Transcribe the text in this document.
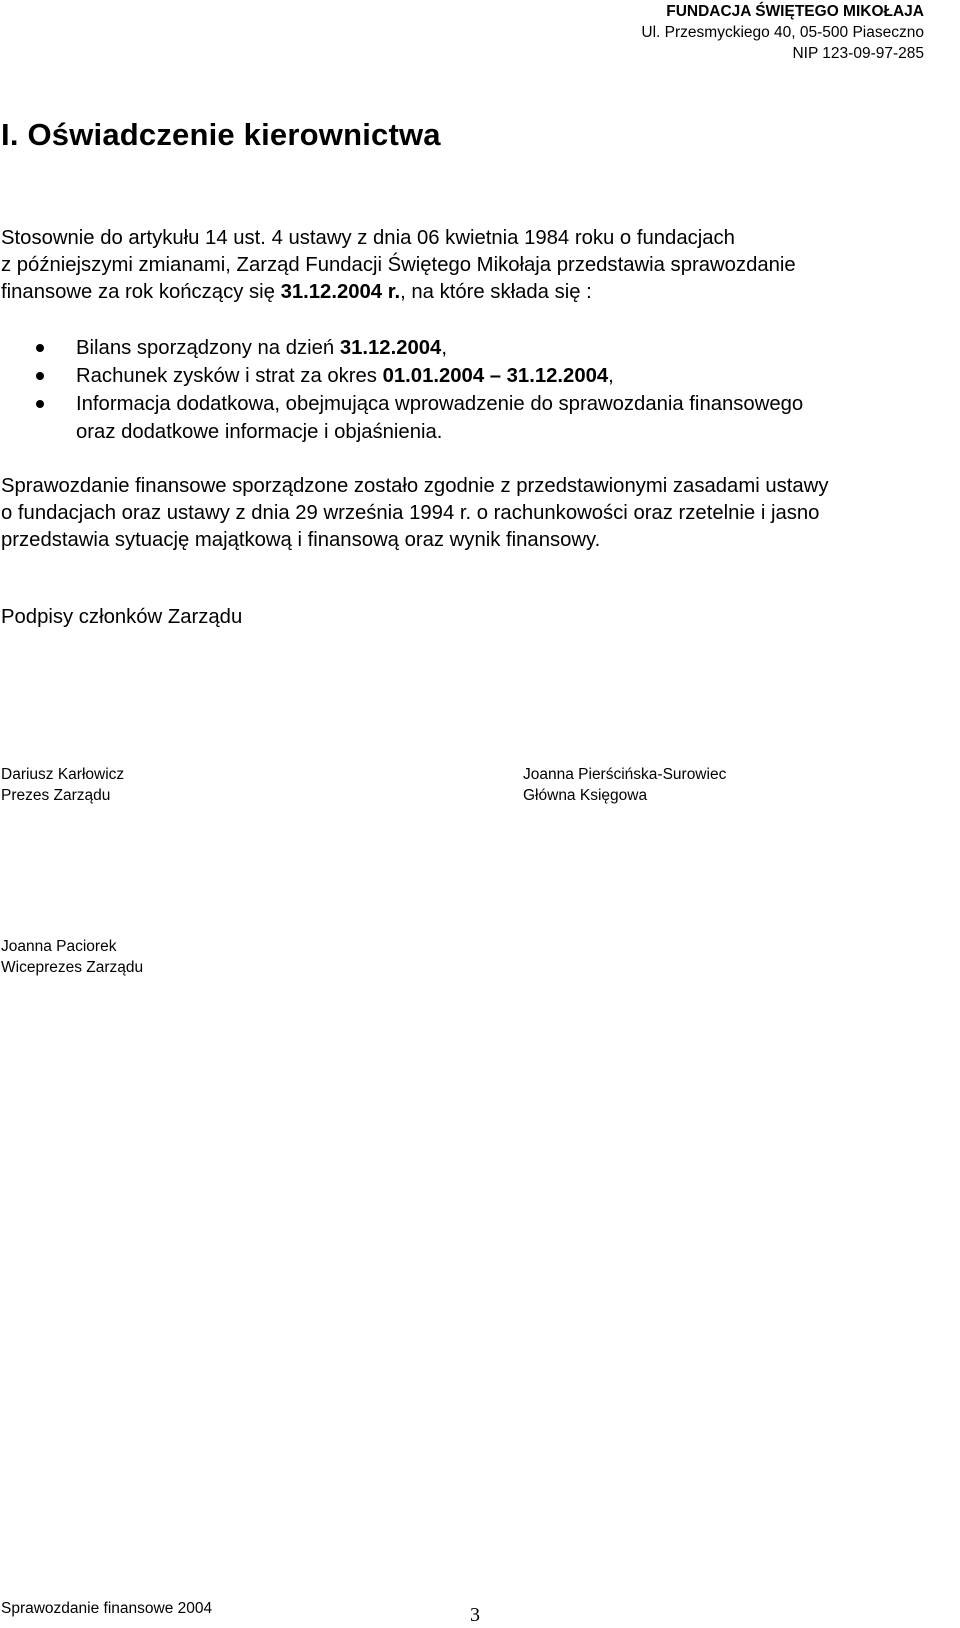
FUNDACJA ŚWIĘTEGO MIKOŁAJA
Ul. Przesmyckiego 40, 05-500 Piaseczno
NIP 123-09-97-285
I. Oświadczenie kierownictwa
Stosownie do artykułu 14 ust. 4 ustawy z dnia 06 kwietnia 1984 roku o fundacjach
z późniejszymi zmianami, Zarząd Fundacji Świętego Mikołaja przedstawia sprawozdanie
finansowe za rok kończący się 31.12.2004 r., na które składa się :
Bilans sporządzony na dzień 31.12.2004,
Rachunek zysków i strat za okres 01.01.2004 – 31.12.2004,
Informacja dodatkowa, obejmująca wprowadzenie do sprawozdania finansowego
oraz dodatkowe informacje i objaśnienia.
Sprawozdanie finansowe sporządzone zostało zgodnie z przedstawionymi zasadami ustawy
o fundacjach oraz ustawy z dnia 29 września 1994 r. o rachunkowości oraz rzetelnie i jasno
przedstawia sytuację majątkową i finansową oraz wynik finansowy.
Podpisy członków Zarządu
Dariusz Karłowicz
Prezes Zarządu
Joanna Pierścińska-Surowiec
Główna Księgowa
Joanna Paciorek
Wiceprezes Zarządu
Sprawozdanie finansowe 2004	3
